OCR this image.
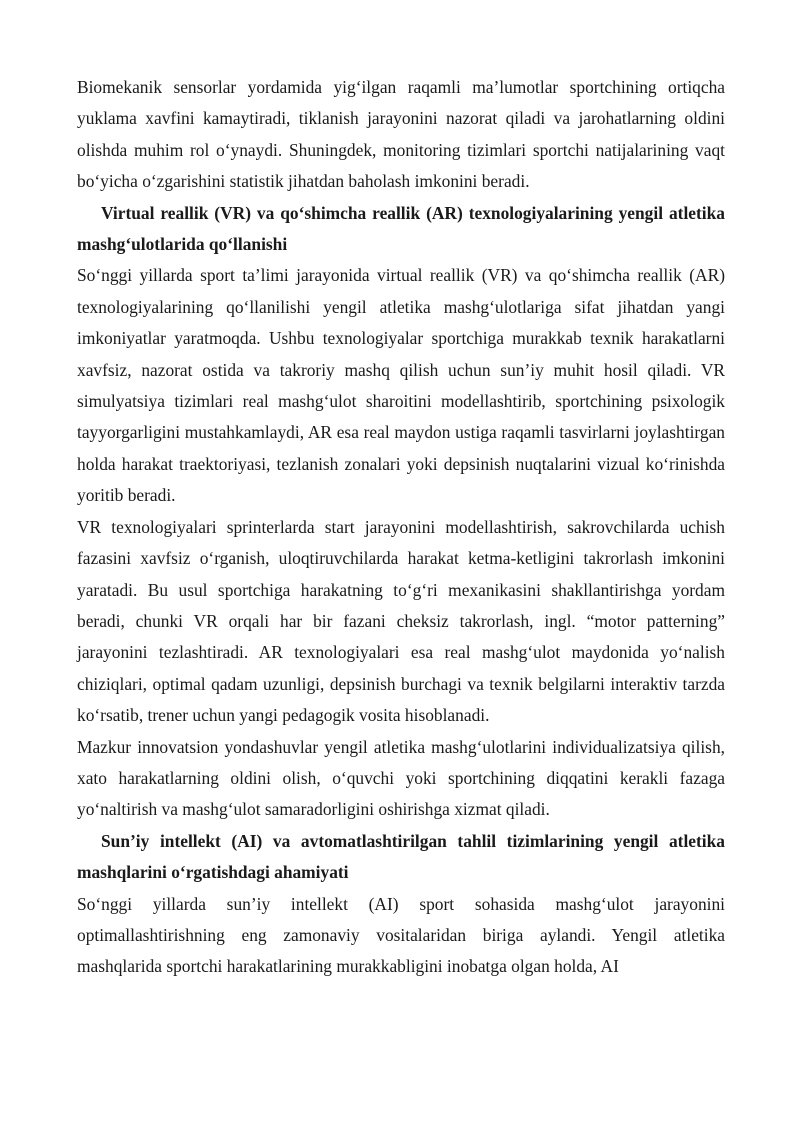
Biomekanik sensorlar yordamida yig‘ilgan raqamli ma’lumotlar sportchining ortiqcha yuklama xavfini kamaytiradi, tiklanish jarayonini nazorat qiladi va jarohatlarning oldini olishda muhim rol o‘ynaydi. Shuningdek, monitoring tizimlari sportchi natijalarining vaqt bo‘yicha o‘zgarishini statistik jihatdan baholash imkonini beradi.

Virtual reallik (VR) va qo‘shimcha reallik (AR) texnologiyalarining yengil atletika mashg‘ulotlarida qo‘llanishi

So‘nggi yillarda sport ta’limi jarayonida virtual reallik (VR) va qo‘shimcha reallik (AR) texnologiyalarining qo‘llanilishi yengil atletika mashg‘ulotlariga sifat jihatdan yangi imkoniyatlar yaratmoqda. Ushbu texnologiyalar sportchiga murakkab texnik harakatlarni xavfsiz, nazorat ostida va takroriy mashq qilish uchun sun’iy muhit hosil qiladi. VR simulyatsiya tizimlari real mashg‘ulot sharoitini modellashtirib, sportchining psixologik tayyorgarligini mustahkamlaydi, AR esa real maydon ustiga raqamli tasvirlarni joylashtirgan holda harakat traektoriyasi, tezlanish zonalari yoki depsinish nuqtalarini vizual ko‘rinishda yoritib beradi.

VR texnologiyalari sprinterlarda start jarayonini modellashtirish, sakrovchilarda uchish fazasini xavfsiz o‘rganish, uloqtiruvchilarda harakat ketma-ketligini takrorlash imkonini yaratadi. Bu usul sportchiga harakatning to‘g‘ri mexanikasini shakllantirishga yordam beradi, chunki VR orqali har bir fazani cheksiz takrorlash, ingl. “motor patterning” jarayonini tezlashtiradi. AR texnologiyalari esa real mashg‘ulot maydonida yo‘nalish chiziqlari, optimal qadam uzunligi, depsinish burchagi va texnik belgilarni interaktiv tarzda ko‘rsatib, trener uchun yangi pedagogik vosita hisoblanadi.

Mazkur innovatsion yondashuvlar yengil atletika mashg‘ulotlarini individualizatsiya qilish, xato harakatlarning oldini olish, o‘quvchi yoki sportchining diqqatini kerakli fazaga yo‘naltirish va mashg‘ulot samaradorligini oshirishga xizmat qiladi.

Sun’iy intellekt (AI) va avtomatlashtirilgan tahlil tizimlarining yengil atletika mashqlarini o‘rgatishdagi ahamiyati

So‘nggi yillarda sun’iy intellekt (AI) sport sohasida mashg‘ulot jarayonini optimallashtirishning eng zamonaviy vositalaridan biriga aylandi. Yengil atletika mashqlarida sportchi harakatlarining murakkabligini inobatga olgan holda, AI
